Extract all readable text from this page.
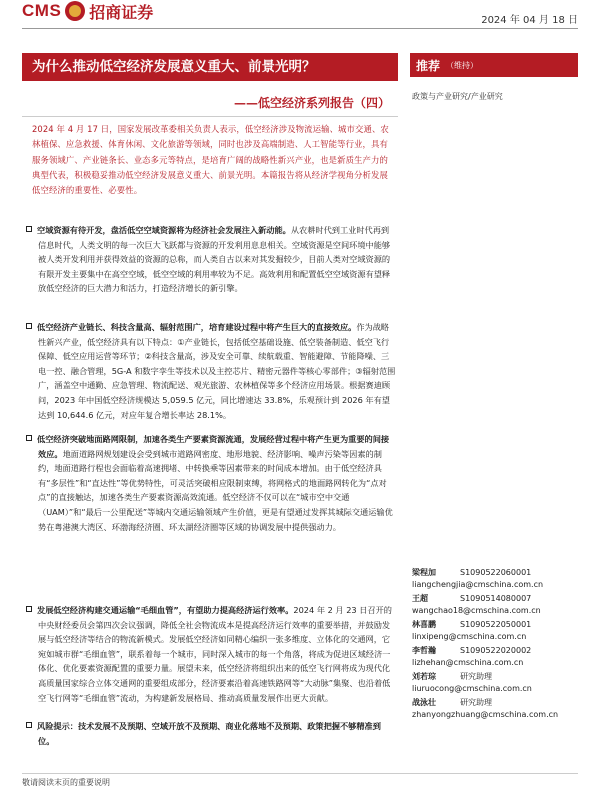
CMS 招商证券	2024 年 04 月 18 日
为什么推动低空经济发展意义重大、前景光明？
——低空经济系列报告（四）

2024 年 4 月 17 日，国家发展改革委相关负责人表示，低空经济涉及物流运输、城市交通、农林植保、应急救援、体育休闲、文化旅游等领域，同时也涉及高端制造、人工智能等行业，具有服务领域广、产业链条长、业态多元等特点，是培育广阔的战略性新兴产业，也是新质生产力的典型代表，积极稳妥推动低空经济发展意义重大、前景光明。本篇报告将从经济学视角分析发展低空经济的重要性、必要性。

空域资源有待开发，盘活低空空域资源将为经济社会发展注入新动能。从农耕时代到工业时代再到信息时代，人类文明的每一次巨大飞跃都与资源的开发利用息息相关。空域资源是空间环境中能够被人类开发利用并获得效益的资源的总称，而人类自古以来对其发掘较少，目前人类对空域资源的有限开发主要集中在高空空域，低空空域的利用率较为不足。高效利用和配置低空空域资源有望释放低空经济的巨大潜力和活力，打造经济增长的新引擎。

低空经济产业链长、科技含量高、辐射范围广，培育建设过程中将产生巨大的直接效应。作为战略性新兴产业，低空经济具有以下特点：①产业链长，包括低空基础设施、低空装备制造、低空飞行保障、低空应用运营等环节；②科技含量高，涉及安全可靠、续航载重、智能避障、节能降噪、三电一控、融合管理，5G-A 和数字孪生等技术以及主控芯片、精密元器件等核心零部件；③辐射范围广，涵盖空中通勤、应急管理、物流配送、观光旅游、农林植保等多个经济应用场景。根据赛迪顾问，2023 年中国低空经济规模达 5,059.5 亿元，同比增速达 33.8%，乐观预计到 2026 年有望达到 10,644.6 亿元，对应年复合增长率达 28.1%。

低空经济突破地面路网限制，加速各类生产要素资源流通，发展经营过程中将产生更为重要的间接效应。地面道路网规划建设会受到城市道路网密度、地形地貌、经济影响、噪声污染等因素的制约，地面道路行程也会面临着高速拥堵、中转换乘等因素带来的时间成本增加。由于低空经济具有“多层性”和“直达性”等优势特性，可灵活突破相应限制束缚，将网格式的地面路网转化为“点对点”的直接触达，加速各类生产要素资源高效流通。低空经济不仅可以在“城市空中交通（UAM）”和“最后一公里配送”等城内交通运输领域产生价值，更是有望通过发挥其城际交通运输优势在粤港澳大湾区、环渤海经济圈、环太湖经济圈等区域的协调发展中提供强动力。

发展低空经济构建交通运输“毛细血管”，有望助力提高经济运行效率。2024 年 2 月 23 日召开的中央财经委员会第四次会议强调，降低全社会物流成本是提高经济运行效率的重要举措，并鼓励发展与低空经济等结合的物流新模式。发展低空经济如同精心编织一张多维度、立体化的交通网，它宛如城市群“毛细血管”，联系着每一个城市，同时深入城市的每一个角落，将成为促进区域经济一体化、优化要素资源配置的重要力量。展望未来，低空经济将组织出来的低空飞行网将成为现代化高质量国家综合立体交通网的重要组成部分，经济要素沿着高速铁路网等“大动脉”集聚、也沿着低空飞行网等“毛细血管”流动，为构建新发展格局、推动高质量发展作出更大贡献。

风险提示：技术发展不及预期、空域开放不及预期、商业化落地不及预期、政策把握不够精准到位。

推荐 （维持）
政策与产业研究/产业研究
梁程加	S1090522060001
liangchengjia@cmschina.com.cn
王超	S1090514080007
wangchao18@cmschina.com.cn
林喜鹏	S1090522050001
linxipeng@cmschina.com.cn
李哲瀚	S1090522020002
lizhehan@cmschina.com.cn
刘若琮	研究助理
liuruocong@cmschina.com.cn
战泳壮	研究助理
zhanyongzhuang@cmschina.com.cn
敬请阅读末页的重要说明
